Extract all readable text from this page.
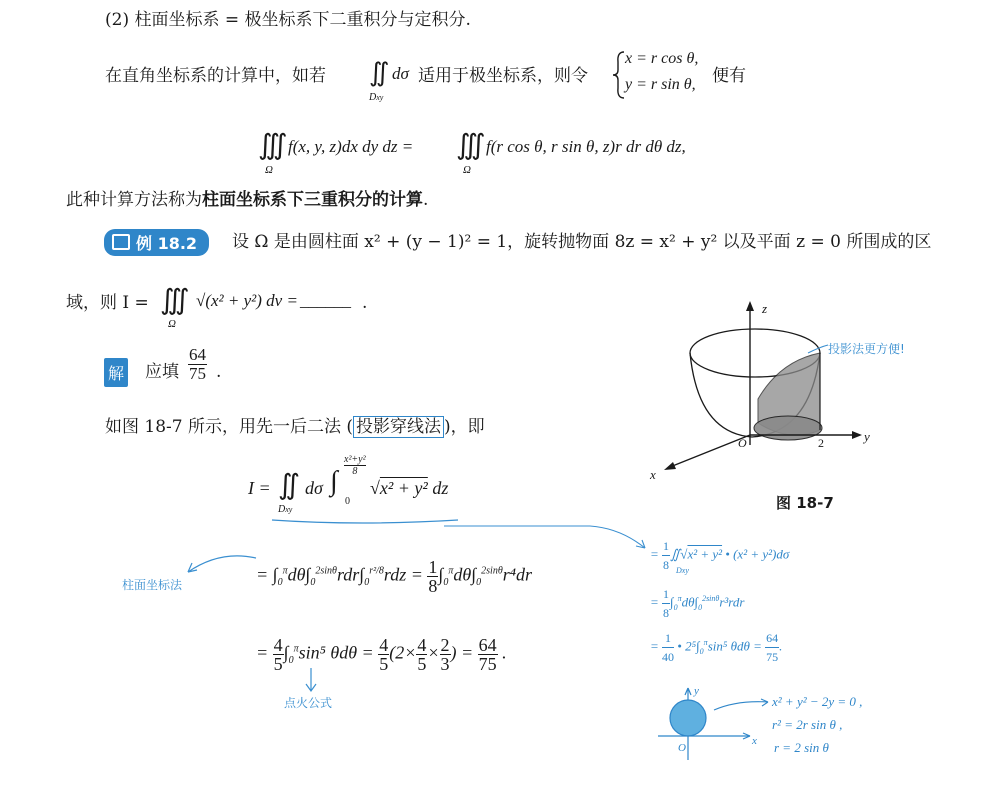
(2) 柱面坐标系 = 极坐标系下二重积分与定积分.
在直角坐标系的计算中，如若 ∬
Dxy
dσ 适用于极坐标系，则令
x = r cos θ,
y = r sin θ, 便有
∭
Ω
f(x, y, z)dx dy dz = ∭
Ω
f(r cos θ, r sin θ, z)r dr dθ dz,
此种计算方法称为柱面坐标系下三重积分的计算.
例 18.2	设 Ω 是由圆柱面 x² + (y − 1)² = 1，旋转抛物面 8z = x² + y² 以及平面 z = 0 所围成的区
域，则 I = ∭
Ω
√(x² + y²) dv = ______ .
解 应填 $\frac{64}{75}$ .
如图 18-7 所示，用先一后二法 ( 投影穿线法 )，即
I = ∬
Dxy
dσ ∫
x²+y²
8
0
√x² + y² dz
= $\int_0^\pi d\theta\int_0^{2sin\theta}rdr\int_0^{r^2/8}rdz = \frac{1}{8} \int_0^\pi d\theta\int_0^{2sin\theta}r^4dr$
= $\frac{4}{5} \int_0^\pi\sin^5$ $\theta d\theta = \frac{4}{5} (2\times \frac{4}{5} \times \frac{2}{3}$ ) = $\frac{64}{75}$ .
柱面坐标法
点火公式
= $\frac{1}{8}$ ∬√x² + y² • (x² + y²)dσ
Dxy
= $\frac{1}{8} \int_0^\pi d\theta\int_0^{2sin\theta}r^3rdr$
= $\frac{1}{40}$ • $2^5\int_0^\pi\sin^5$ $\theta d\theta = \frac{64}{75}$ .
y
x
O
x² + y² − 2y = 0 ,
r² = 2r sin θ ,
r = 2 sin θ
z
y
2
x
O
投影法更方便!
图 18-7
